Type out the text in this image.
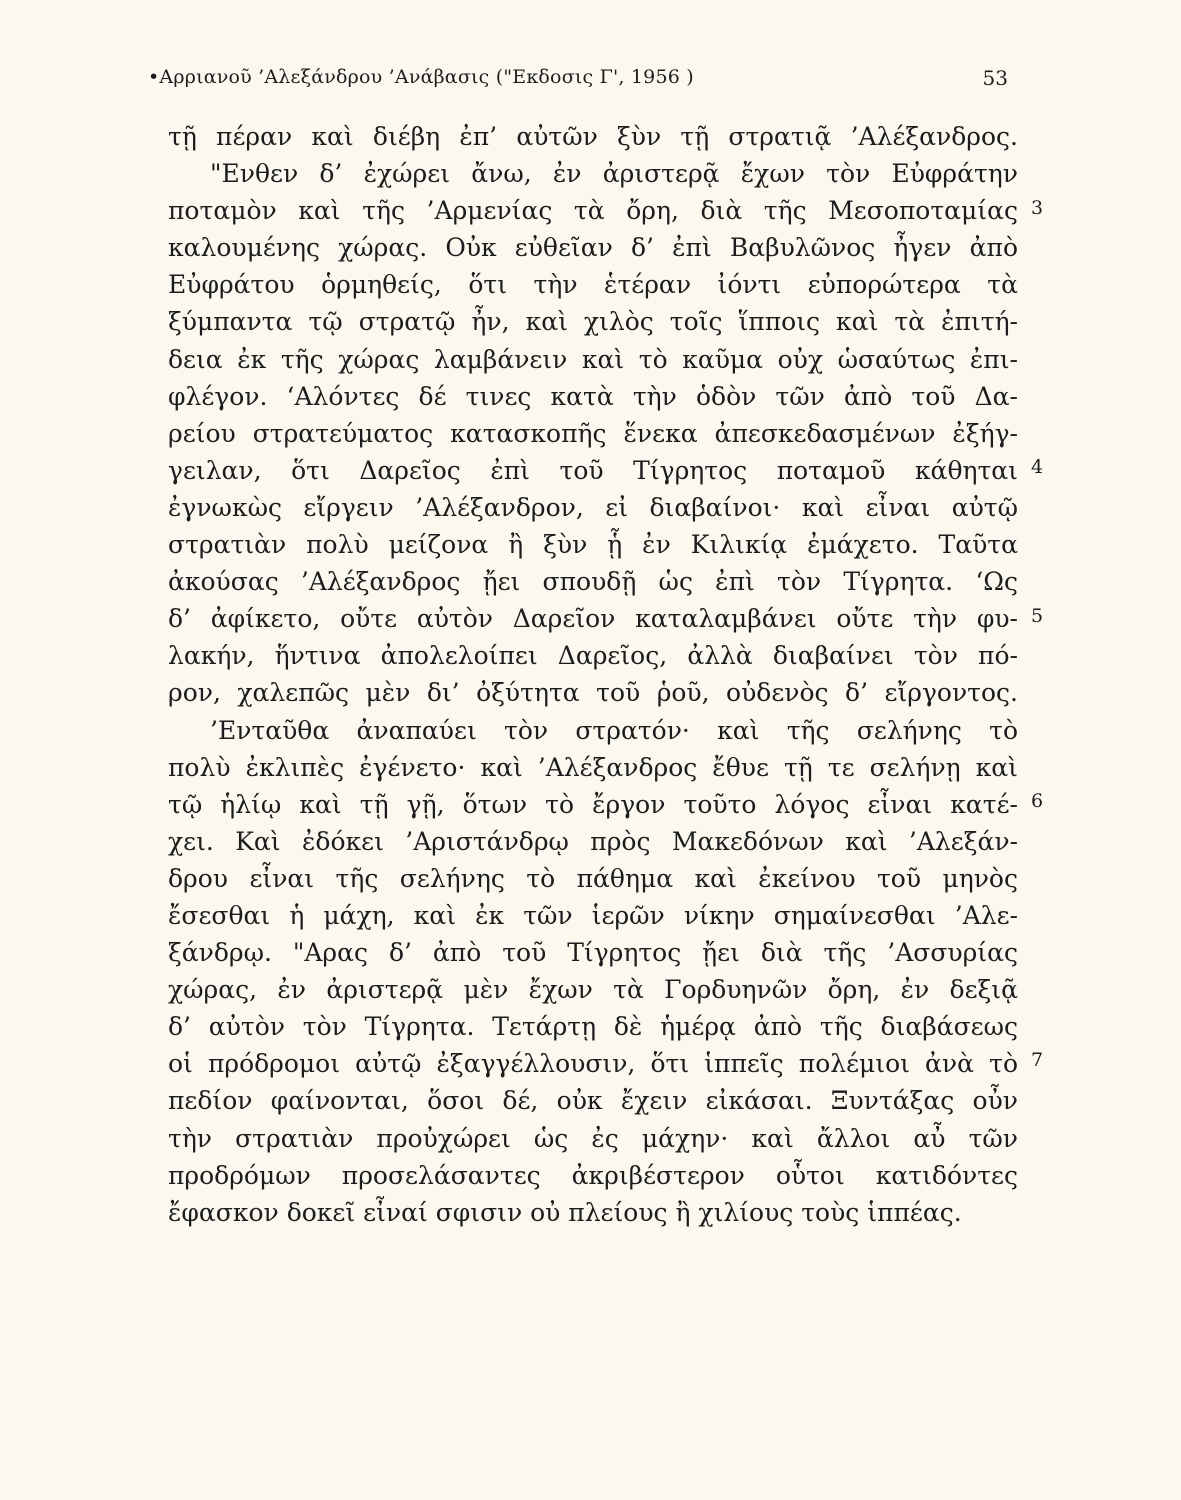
•Αρριανοῦ ’Αλεξάνδρου ’Ανάβασις ("Εκδοσις Γ', 1956 )	53
τῇ πέραν καὶ διέβη ἐπ’ αὐτῶν ξὺν τῇ στρατιᾷ ’Αλέξανδρος.
"Ενθεν δ’ ἐχώρει ἄνω, ἐν ἀριστερᾷ ἔχων τὸν Εὐφράτην
ποταμὸν καὶ τῆς ’Αρμενίας τὰ ὄρη, διὰ τῆς Μεσοποταμίας
καλουμένης χώρας. Οὐκ εὐθεῖαν δ’ ἐπὶ Βαβυλῶνος ἦγεν ἀπὸ
Εὐφράτου ὁρμηθείς, ὅτι τὴν ἑτέραν ἰόντι εὐπορώτερα τὰ
ξύμπαντα τῷ στρατῷ ἦν, καὶ χιλὸς τοῖς ἵπποις καὶ τὰ ἐπιτή-
δεια ἐκ τῆς χώρας λαμβάνειν καὶ τὸ καῦμα οὐχ ὡσαύτως ἐπι-
φλέγον. ‘Αλόντες δέ τινες κατὰ τὴν ὁδὸν τῶν ἀπὸ τοῦ Δα-
ρείου στρατεύματος κατασκοπῆς ἕνεκα ἀπεσκεδασμένων ἐξήγ-
γειλαν, ὅτι Δαρεῖος ἐπὶ τοῦ Τίγρητος ποταμοῦ κάθηται
ἐγνωκὼς εἴργειν ’Αλέξανδρον, εἰ διαβαίνοι· καὶ εἶναι αὐτῷ
στρατιὰν πολὺ μείζονα ἢ ξὺν ᾗ ἐν Κιλικίᾳ ἐμάχετο. Ταῦτα
ἀκούσας ’Αλέξανδρος ᾔει σπουδῇ ὡς ἐπὶ τὸν Τίγρητα. ‘Ως
δ’ ἀφίκετο, οὔτε αὐτὸν Δαρεῖον καταλαμβάνει οὔτε τὴν φυ-
λακήν, ἥντινα ἀπολελοίπει Δαρεῖος, ἀλλὰ διαβαίνει τὸν πό-
ρον, χαλεπῶς μὲν δι’ ὀξύτητα τοῦ ῥοῦ, οὐδενὸς δ’ εἴργοντος.
’Ενταῦθα ἀναπαύει τὸν στρατόν· καὶ τῆς σελήνης τὸ
πολὺ ἐκλιπὲς ἐγένετο· καὶ ’Αλέξανδρος ἔθυε τῇ τε σελήνῃ καὶ
τῷ ἡλίῳ καὶ τῇ γῇ, ὅτων τὸ ἔργον τοῦτο λόγος εἶναι κατέ-
χει. Καὶ ἐδόκει ’Αριστάνδρῳ πρὸς Μακεδόνων καὶ ’Αλεξάν-
δρου εἶναι τῆς σελήνης τὸ πάθημα καὶ ἐκείνου τοῦ μηνὸς
ἔσεσθαι ἡ μάχη, καὶ ἐκ τῶν ἱερῶν νίκην σημαίνεσθαι ’Αλε-
ξάνδρῳ. "Αρας δ’ ἀπὸ τοῦ Τίγρητος ᾔει διὰ τῆς ’Ασσυρίας
χώρας, ἐν ἀριστερᾷ μὲν ἔχων τὰ Γορδυηνῶν ὄρη, ἐν δεξιᾷ
δ’ αὐτὸν τὸν Τίγρητα. Τετάρτῃ δὲ ἡμέρᾳ ἀπὸ τῆς διαβάσεως
οἱ πρόδρομοι αὐτῷ ἐξαγγέλλουσιν, ὅτι ἱππεῖς πολέμιοι ἀνὰ τὸ
πεδίον φαίνονται, ὅσοι δέ, οὐκ ἔχειν εἰκάσαι. Ξυντάξας οὖν
τὴν στρατιὰν προὐχώρει ὡς ἐς μάχην· καὶ ἄλλοι αὖ τῶν
προδρόμων προσελάσαντες ἀκριβέστερον οὗτοι κατιδόντες
ἔφασκον δοκεῖ εἶναί σφισιν οὐ πλείους ἢ χιλίους τοὺς ἱππέας.
3
4
5
6
7
